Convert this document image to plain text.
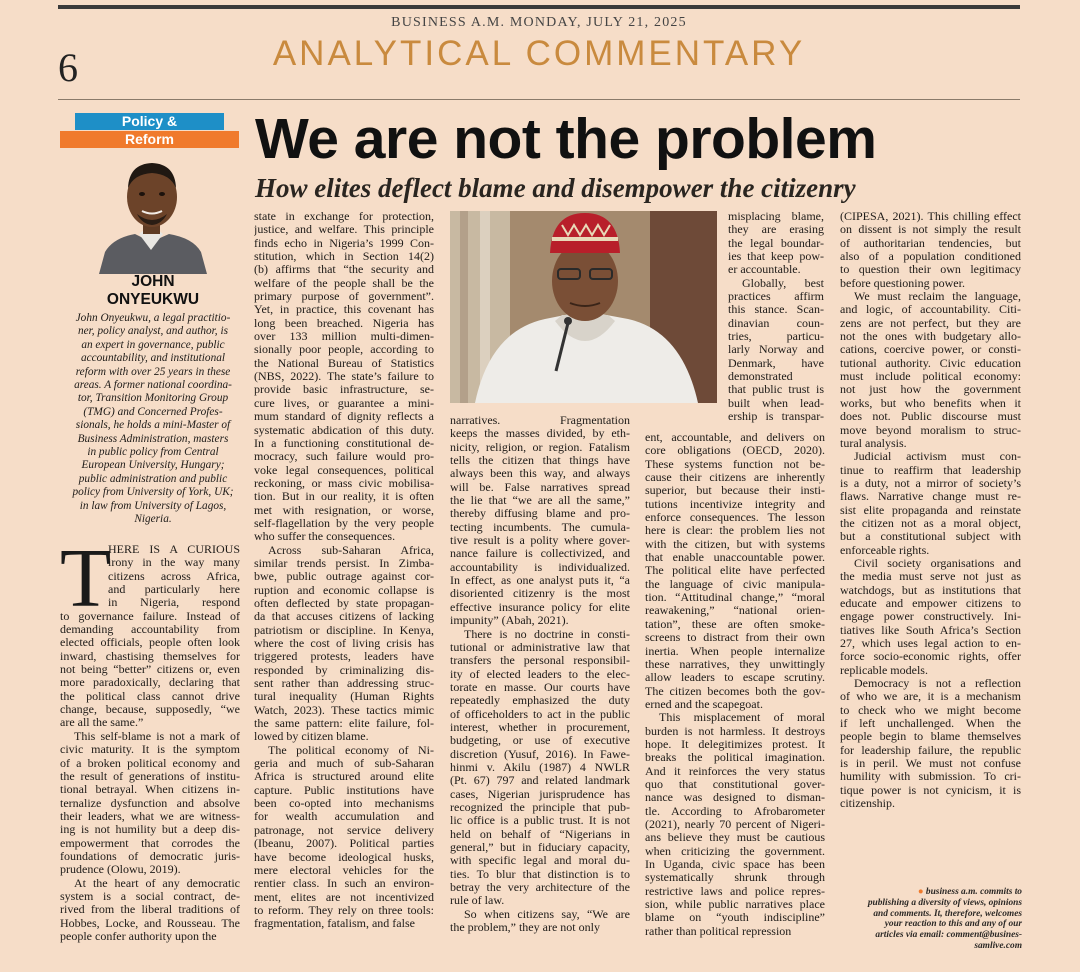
BUSINESS A.M. MONDAY, JULY 21, 2025
6	ANALYTICAL COMMENTARY
Policy &
Reform	We are not the problem
How elites deflect blame and disempower the citizenry
JOHN
ONYEUKWU
John Onyeukwu, a legal practitio-
ner, policy analyst, and author, is
an expert in governance, public
accountability, and institutional
reform with over 25 years in these
areas. A former national coordina-
tor, Transition Monitoring Group
(TMG) and Concerned Profes-
sionals, he holds a mini-Master of
Business Administration, masters
in public policy from Central
European University, Hungary;
public administration and public
policy from University of York, UK;
in law from University of Lagos,
Nigeria.
T
HERE IS A CURIOUS
irony in the way many
citizens across Africa,
and particularly here
in Nigeria, respond
to governance failure. Instead of
demanding accountability from
elected officials, people often look
inward, chastising themselves for
not being “better” citizens or, even
more paradoxically, declaring that
the political class cannot drive
change, because, supposedly, “we
are all the same.”
This self-blame is not a mark of
civic maturity. It is the symptom
of a broken political economy and
the result of generations of institu-
tional betrayal. When citizens in-
ternalize dysfunction and absolve
their leaders, what we are witness-
ing is not humility but a deep dis-
empowerment that corrodes the
foundations of democratic juris-
prudence (Olowu, 2019).
At the heart of any democratic
system is a social contract, de-
rived from the liberal traditions of
Hobbes, Locke, and Rousseau. The
people confer authority upon the
state in exchange for protection,
justice, and welfare. This principle
finds echo in Nigeria’s 1999 Con-
stitution, which in Section 14(2)
(b) affirms that “the security and
welfare of the people shall be the
primary purpose of government”.
Yet, in practice, this covenant has
long been breached. Nigeria has
over 133 million multi-dimen-
sionally poor people, according to
the National Bureau of Statistics
(NBS, 2022). The state’s failure to
provide basic infrastructure, se-
cure lives, or guarantee a mini-
mum standard of dignity reflects a
systematic abdication of this duty.
In a functioning constitutional de-
mocracy, such failure would pro-
voke legal consequences, political
reckoning, or mass civic mobilisa-
tion. But in our reality, it is often
met with resignation, or worse,
self-flagellation by the very people
who suffer the consequences.
Across sub-Saharan Africa,
similar trends persist. In Zimba-
bwe, public outrage against cor-
ruption and economic collapse is
often deflected by state propagan-
da that accuses citizens of lacking
patriotism or discipline. In Kenya,
where the cost of living crisis has
triggered protests, leaders have
responded by criminalizing dis-
sent rather than addressing struc-
tural inequality (Human Rights
Watch, 2023). These tactics mimic
the same pattern: elite failure, fol-
lowed by citizen blame.
The political economy of Ni-
geria and much of sub-Saharan
Africa is structured around elite
capture. Public institutions have
been co-opted into mechanisms
for wealth accumulation and
patronage, not service delivery
(Ibeanu, 2007). Political parties
have become ideological husks,
mere electoral vehicles for the
rentier class. In such an environ-
ment, elites are not incentivized
to reform. They rely on three tools:
fragmentation, fatalism, and false
narratives. Fragmentation
keeps the masses divided, by eth-
nicity, religion, or region. Fatalism
tells the citizen that things have
always been this way, and always
will be. False narratives spread
the lie that “we are all the same,”
thereby diffusing blame and pro-
tecting incumbents. The cumula-
tive result is a polity where gover-
nance failure is collectivized, and
accountability is individualized.
In effect, as one analyst puts it, “a
disoriented citizenry is the most
effective insurance policy for elite
impunity” (Abah, 2021).
There is no doctrine in consti-
tutional or administrative law that
transfers the personal responsibil-
ity of elected leaders to the elec-
torate en masse. Our courts have
repeatedly emphasized the duty
of officeholders to act in the public
interest, whether in procurement,
budgeting, or use of executive
discretion (Yusuf, 2016). In Fawe-
hinmi v. Akilu (1987) 4 NWLR
(Pt. 67) 797 and related landmark
cases, Nigerian jurisprudence has
recognized the principle that pub-
lic office is a public trust. It is not
held on behalf of “Nigerians in
general,” but in fiduciary capacity,
with specific legal and moral du-
ties. To blur that distinction is to
betray the very architecture of the
rule of law.
So when citizens say, “We are
the problem,” they are not only
misplacing blame,
they are erasing
the legal boundar-
ies that keep pow-
er accountable.
Globally, best
practices affirm
this stance. Scan-
dinavian coun-
tries, particu-
larly Norway and
Denmark, have
demonstrated
that public trust is
built when lead-
ership is transpar-
ent, accountable, and delivers on
core obligations (OECD, 2020).
These systems function not be-
cause their citizens are inherently
superior, but because their insti-
tutions incentivize integrity and
enforce consequences. The lesson
here is clear: the problem lies not
with the citizen, but with systems
that enable unaccountable power.
The political elite have perfected
the language of civic manipula-
tion. “Attitudinal change,” “moral
reawakening,” “national orien-
tation”, these are often smoke-
screens to distract from their own
inertia. When people internalize
these narratives, they unwittingly
allow leaders to escape scrutiny.
The citizen becomes both the gov-
erned and the scapegoat.
This misplacement of moral
burden is not harmless. It destroys
hope. It delegitimizes protest. It
breaks the political imagination.
And it reinforces the very status
quo that constitutional gover-
nance was designed to disman-
tle. According to Afrobarometer
(2021), nearly 70 percent of Nigeri-
ans believe they must be cautious
when criticizing the government.
In Uganda, civic space has been
systematically shrunk through
restrictive laws and police repres-
sion, while public narratives place
blame on “youth indiscipline”
rather than political repression
(CIPESA, 2021). This chilling effect
on dissent is not simply the result
of authoritarian tendencies, but
also of a population conditioned
to question their own legitimacy
before questioning power.
We must reclaim the language,
and logic, of accountability. Citi-
zens are not perfect, but they are
not the ones with budgetary allo-
cations, coercive power, or consti-
tutional authority. Civic education
must include political economy:
not just how the government
works, but who benefits when it
does not. Public discourse must
move beyond moralism to struc-
tural analysis.
Judicial activism must con-
tinue to reaffirm that leadership
is a duty, not a mirror of society’s
flaws. Narrative change must re-
sist elite propaganda and reinstate
the citizen not as a moral object,
but a constitutional subject with
enforceable rights.
Civil society organisations and
the media must serve not just as
watchdogs, but as institutions that
educate and empower citizens to
engage power constructively. Ini-
tiatives like South Africa’s Section
27, which uses legal action to en-
force socio-economic rights, offer
replicable models.
Democracy is not a reflection
of who we are, it is a mechanism
to check who we might become
if left unchallenged. When the
people begin to blame themselves
for leadership failure, the republic
is in peril. We must not confuse
humility with submission. To cri-
tique power is not cynicism, it is
citizenship.
● business a.m. commits to
publishing a diversity of views, opinions
and comments. It, therefore, welcomes
your reaction to this and any of our
articles via email: comment@busines-
samlive.com
